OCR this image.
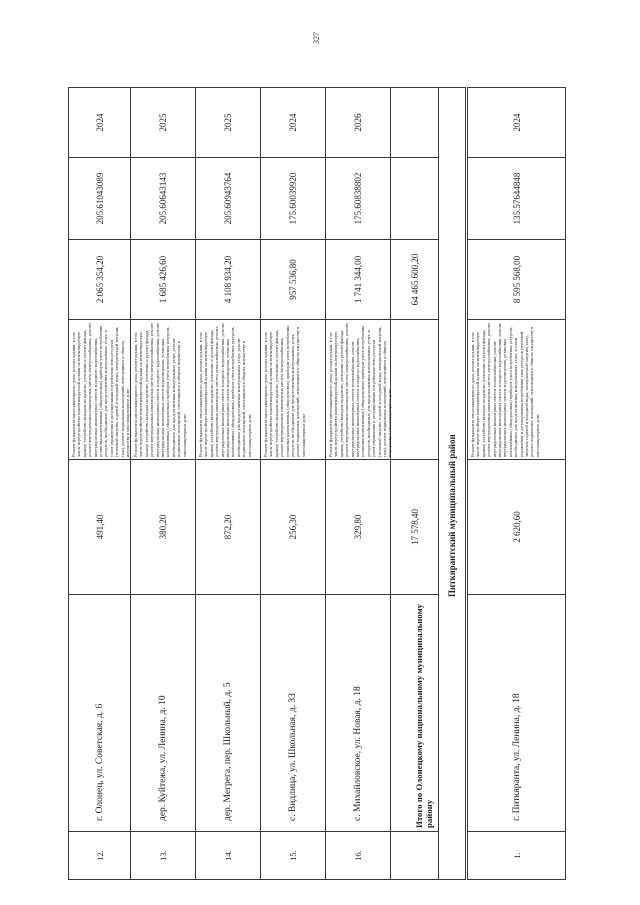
327
12.	г. Олонец, ул. Советская, д. 6	491,40	Ремонт фундамента многоквартирного дома, ремонт крыши, в том числе переустройство невентилируемой крыши на вентилируемую крышу, устройство выходов на кровлю, утепление и ремонт фасада, ремонт внутридомовых инженерных систем электроснабжения, ремонт внутридомовых инженерных систем холодного водоснабжения, установка коллективных (общедомовых) приборов учета потребления ресурсов, необходимых для предоставления коммунальных услуг, и узлов управления и регулирования потребления этих ресурсов (тепловой энергии, горячей и холодной воды, электрической энергии, газа), ремонт подвальных помещений, относящихся к общему имуществу в многоквартирном доме	2 065 354,20	205.61043089	2024
13.	дер. Куйтежа, ул. Ленина, д. 10	380,20	Ремонт фундамента многоквартирного дома, ремонт крыши, в том числе переустройство невентилируемой крыши на вентилируемую крышу, устройство выходов на кровлю, утепление и ремонт фасада, ремонт внутридомовых инженерных систем электроснабжения, ремонт внутридомовых инженерных систем холодного водоснабжения, ремонт внутридомовых инженерных систем водоотведения, установка коллективных (общедомовых) приборов учета потребления ресурсов, необходимых для предоставления коммунальных услуг, ремонт подвальных помещений, относящихся к общему имуществу в многоквартирном доме	1 685 426,60	205.60643143	2025
14.	дер. Мегрега, пер. Школьный, д. 5	872,20	Ремонт фундамента многоквартирного дома, ремонт крыши, в том числе переустройство невентилируемой крыши на вентилируемую крышу, устройство выходов на кровлю, утепление и ремонт фасада, ремонт внутридомовых инженерных систем теплоснабжения, ремонт внутридомовых инженерных систем холодного водоснабжения, ремонт внутридомовых инженерных систем водоотведения, установка коллективных (общедомовых) приборов учета потребления ресурсов, необходимых для предоставления коммунальных услуг, ремонт подвальных помещений, относящихся к общему имуществу в многоквартирном доме	4 108 934,20	205.60943764	2025
15.	с. Видлица, ул. Школьная, д. 33	256,30	Ремонт фундамента многоквартирного дома, ремонт крыши, в том числе переустройство невентилируемой крыши на вентилируемую крышу, устройство выходов на кровлю, утепление и ремонт фасада, ремонт внутридомовых инженерных систем электроснабжения, установка коллективных (общедомовых) приборов учета потребления ресурсов, необходимых для предоставления коммунальных услуг, ремонт подвальных помещений, относящихся к общему имуществу в многоквартирном доме	957 536,80	175.60039920	2024
16.	с. Михайловское, ул. Новая, д. 18	329,80	Ремонт фундамента многоквартирного дома, ремонт крыши, в том числе переустройство невентилируемой крыши на вентилируемую крышу, устройство выходов на кровлю, утепление и ремонт фасада, ремонт внутридомовых инженерных систем электроснабжения, ремонт внутридомовых инженерных систем теплоснабжения, ремонт внутридомовых инженерных систем холодного водоснабжения, установка коллективных (общедомовых) приборов учета потребления ресурсов, необходимых для предоставления коммунальных услуг, и узлов управления и регулирования потребления этих ресурсов (тепловой энергии, горячей и холодной воды, электрической энергии, газа), ремонт подвальных помещений, относящихся к общему имуществу в многоквартирном доме	1 741 344,00	175.60838802	2026
	Итого по Олонецкому национальному муниципальному району	17 578,40		64 465 600,20		
Питкярантский муниципальный район						
1.	г. Питкяранта, ул. Ленина, д. 18	2 620,60	Ремонт фундамента многоквартирного дома, ремонт крыши, в том числе переустройство невентилируемой крыши на вентилируемую крышу, устройство выходов на кровлю, утепление и ремонт фасада, ремонт внутридомовых инженерных систем электроснабжения, ремонт внутридомовых инженерных систем теплоснабжения, ремонт внутридомовых инженерных систем холодного водоснабжения, ремонт внутридомовых инженерных систем водоотведения, установка коллективных (общедомовых) приборов учета потребления ресурсов, необходимых для предоставления коммунальных услуг, и узлов управления и регулирования потребления этих ресурсов (тепловой энергии, горячей и холодной воды, электрической энергии, газа), ремонт подвальных помещений, относящихся к общему имуществу в многоквартирном доме	8 595 568,00	135.57644848	2024
